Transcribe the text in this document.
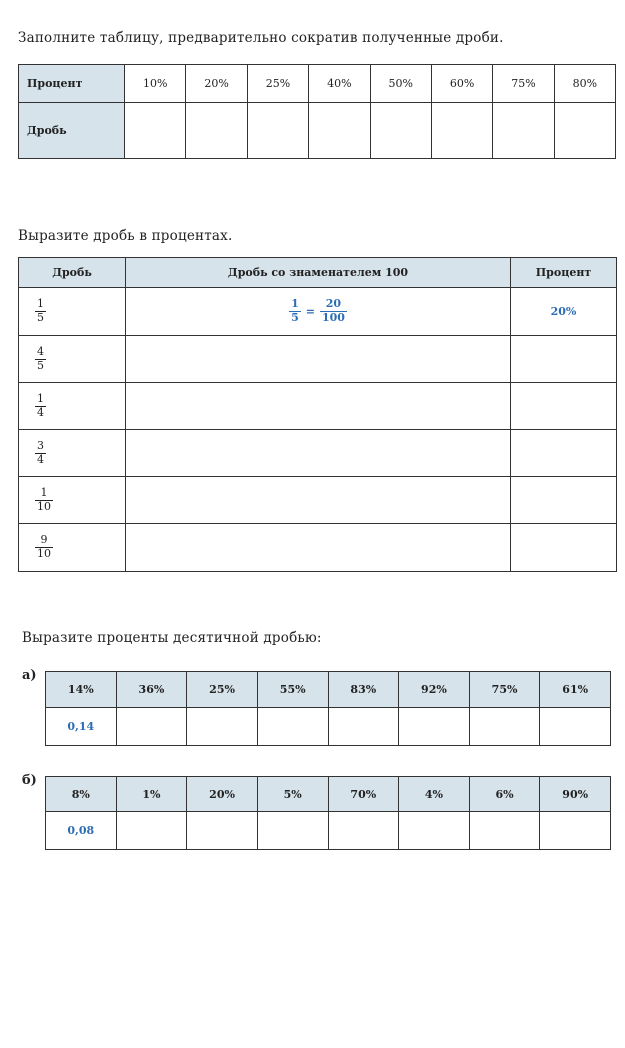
Заполните таблицу, предварительно сократив полученные дроби.
Процент	10%	20%	25%	40%	50%	60%	75%	80%
Дробь								
Выразите дробь в процентах.
Дробь	Дробь со знаменателем 100	Процент

$\frac{1}{5}$	$\frac{1}{5} = \frac{20}{100}$	20%

$\frac{4}{5}$

$\frac{1}{4}$

$\frac{3}{4}$

$\frac{1}{10}$

$\frac{9}{10}$

Выразите проценты десятичной дробью:
а)
14%	36%	25%	55%	83%	92%	75%	61%
0,14							
б)
8%	1%	20%	5%	70%	4%	6%	90%
0,08							
